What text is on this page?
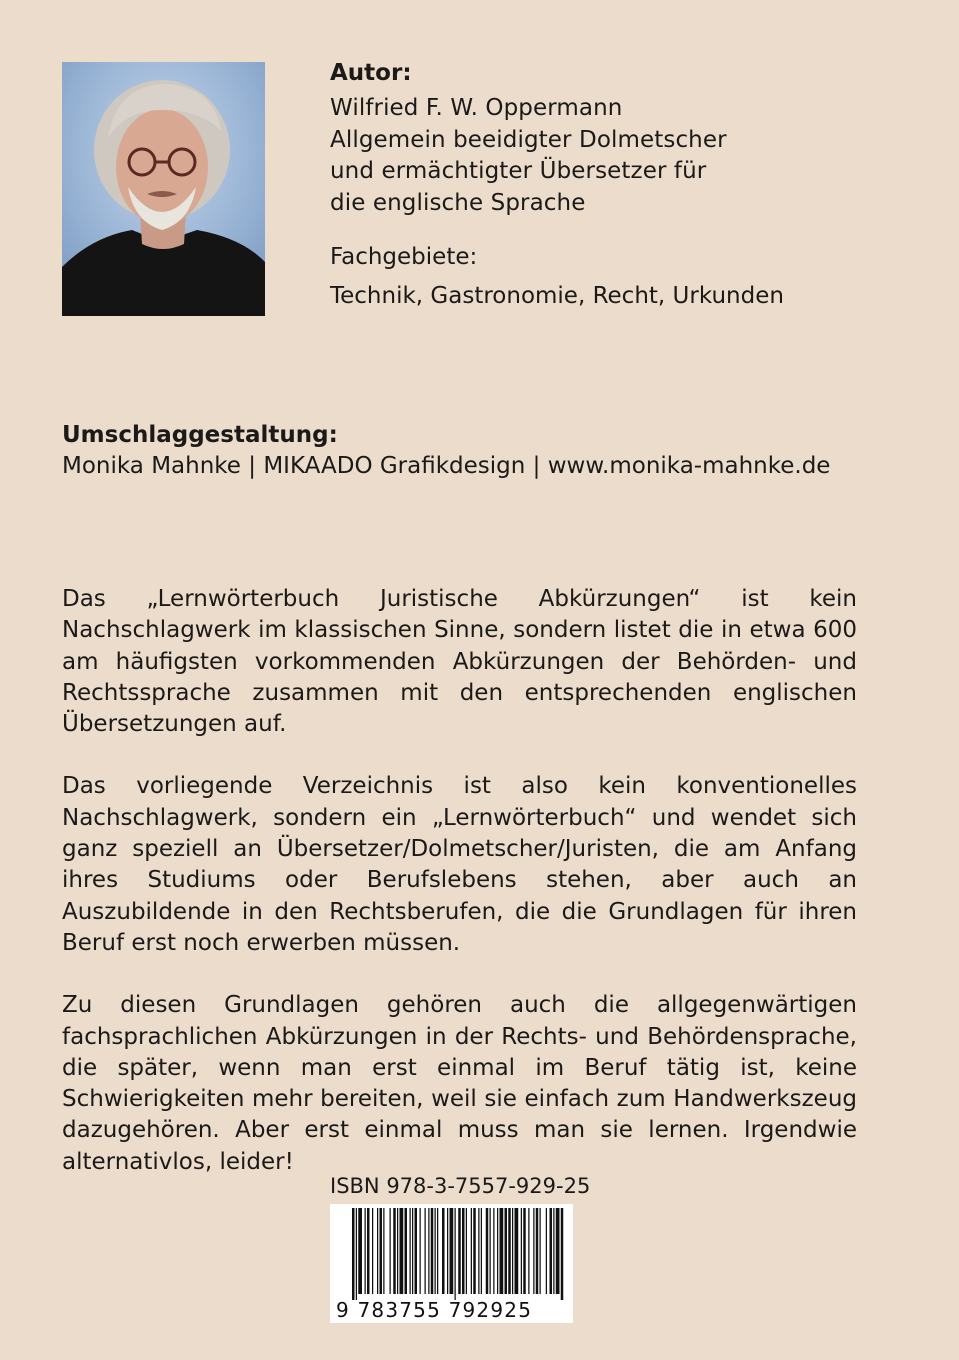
Autor:
Wilfried F. W. Oppermann
Allgemein beeidigter Dolmetscher
und ermächtigter Übersetzer für
die englische Sprache
Fachgebiete:
Technik, Gastronomie, Recht, Urkunden
Umschlaggestaltung:
Monika Mahnke | MIKAADO Grafikdesign | www.monika-mahnke.de

Das „Lernwörterbuch Juristische Abkürzungen“ ist kein Nachschlagwerk im klassischen Sinne, sondern listet die in etwa 600 am häufigsten vorkommenden Abkürzungen der Behörden- und Rechtssprache zusammen mit den entsprechenden englischen Übersetzungen auf.

Das vorliegende Verzeichnis ist also kein konventionelles Nachschlagwerk, sondern ein „Lernwörterbuch“ und wendet sich ganz speziell an Übersetzer/Dolmetscher/Juristen, die am Anfang ihres Studiums oder Berufslebens stehen, aber auch an Auszubildende in den Rechtsberufen, die die Grundlagen für ihren Beruf erst noch erwerben müssen.

Zu diesen Grundlagen gehören auch die allgegenwärtigen fachsprachlichen Abkürzungen in der Rechts- und Behördensprache, die später, wenn man erst einmal im Beruf tätig ist, keine Schwierigkeiten mehr bereiten, weil sie einfach zum Handwerkszeug dazugehören. Aber erst einmal muss man sie lernen. Irgendwie alternativlos, leider!

ISBN 978-3-7557-929-25
9 783755 792925
